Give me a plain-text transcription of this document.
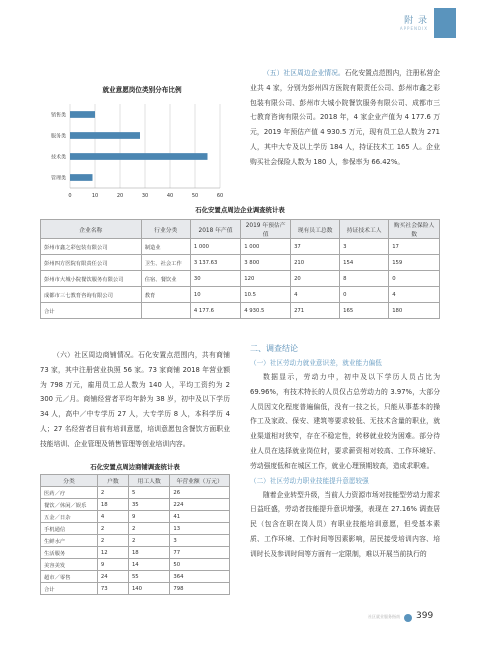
附 录
APPENDIX
就业意愿岗位类别分布比例
0	10	20	30	40	50	60
销售类
服务类
技术类
管理类

（五）社区周边企业情况。石化安置点范围内，注册私营企业共 4 家，分别为彭州四方医院有限责任公司、彭州市鑫之彩包装有限公司、彭州市大城小院餐饮服务有限公司、成都市三七教育咨询有限公司。2018 年，4 家企业产值为 4 177.6 万元，2019 年预估产值 4 930.5 万元，现有员工总人数为 271 人，其中大专及以上学历 184 人，持证技术工 165 人。企业购买社会保险人数为 180 人，参保率为 66.42%。

石化安置点周边企业调查统计表
企业名称	行业分类	2018 年产值	2019 年预估产值	现有员工总数	持证技术工人	购买社会保险人数
彭州市鑫之彩包装有限公司	制造业	1 000	1 000	37	3	17
彭州四方医院有限责任公司	卫生、社会工作	3 137.63	3 800	210	154	159
彭州市大城小院餐饮服务有限公司	住宿、餐饮业	30	120	20	8	0
成都市三七教育咨询有限公司	教育	10	10.5	4	0	4
合计		4 177.6	4 930.5	271	165	180

（六）社区周边商铺情况。石化安置点范围内，共有商铺 73 家，其中注册营业执照 56 家。73 家商铺 2018 年营业额为 798 万元，雇用员工总人数为 140 人，平均工资约为 2 300 元／月。商铺经营者平均年龄为 38 岁，初中及以下学历 34 人，高中／中专学历 27 人，大专学历 8 人，本科学历 4 人；27 名经营者目前有培训意愿，培训意愿包含餐饮方面职业技能培训、企业管理及销售管理等创业培训内容。

石化安置点周边商铺调查统计表
分类	户数	用工人数	年营业额（万元）
医药／疗	2	5	26
餐饮／休闲／娱乐	18	35	224
五金／日杂	4	9	41
手机通信	2	2	13
生鲜水产	2	2	3
生活服务	12	18	77
美容美发	9	14	50
超市／零售	24	55	364
合计	73	140	798
二、调查结论
（一）社区劳动力就业意识差，就业能力偏低

数据显示，劳动力中，初中及以下学历人员占比为 69.96%，有技术特长的人员仅占总劳动力的 3.97%，大部分人员因文化程度普遍偏低，没有一技之长，只能从事基本的操作工及家政、保安、建筑等要求较低、无技术含量的职业，就业渠道相对狭窄，存在不稳定性，转移就业较为困难。部分待业人员在选择就业岗位时，要求薪资相对较高、工作环境好、劳动强度低和在城区工作，就业心理预期较高，造成求职难。

（二）社区劳动力职业技能提升意愿较强

随着企业转型升级，当前人力资源市场对技能型劳动力需求日益旺盛，劳动者技能提升意识增强，表现在 27.16% 调查居民（包含在职在岗人员）有职业技能培训意愿，但受基本素质、工作环境、工作时间等因素影响，居民接受培训内容、培训时长及参训时间等方面有一定限制，难以开展当前执行的

社区就业服务指南 399
